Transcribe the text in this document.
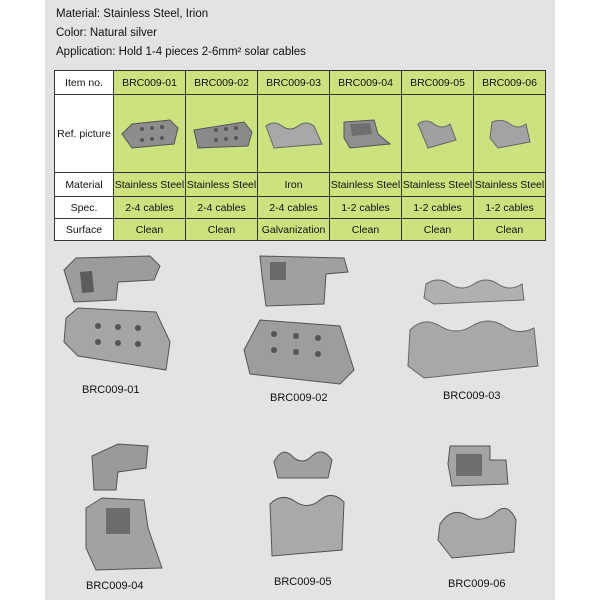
Material: Stainless Steel, Irion
Color: Natural silver
Application: Hold 1-4 pieces 2-6mm² solar cables
Item no.	BRC009-01	BRC009-02	BRC009-03	BRC009-04	BRC009-05	BRC009-06
Ref. picture	

Material	Stainless Steel	Stainless Steel	Iron	Stainless Steel	Stainless Steel	Stainless Steel
Spec.	2-4 cables	2-4 cables	2-4 cables	1-2 cables	1-2 cables	1-2 cables
Surface	Clean	Clean	Galvanization	Clean	Clean	Clean
BRC009-01
BRC009-02	BRC009-03
BRC009-04	BRC009-05	BRC009-06
